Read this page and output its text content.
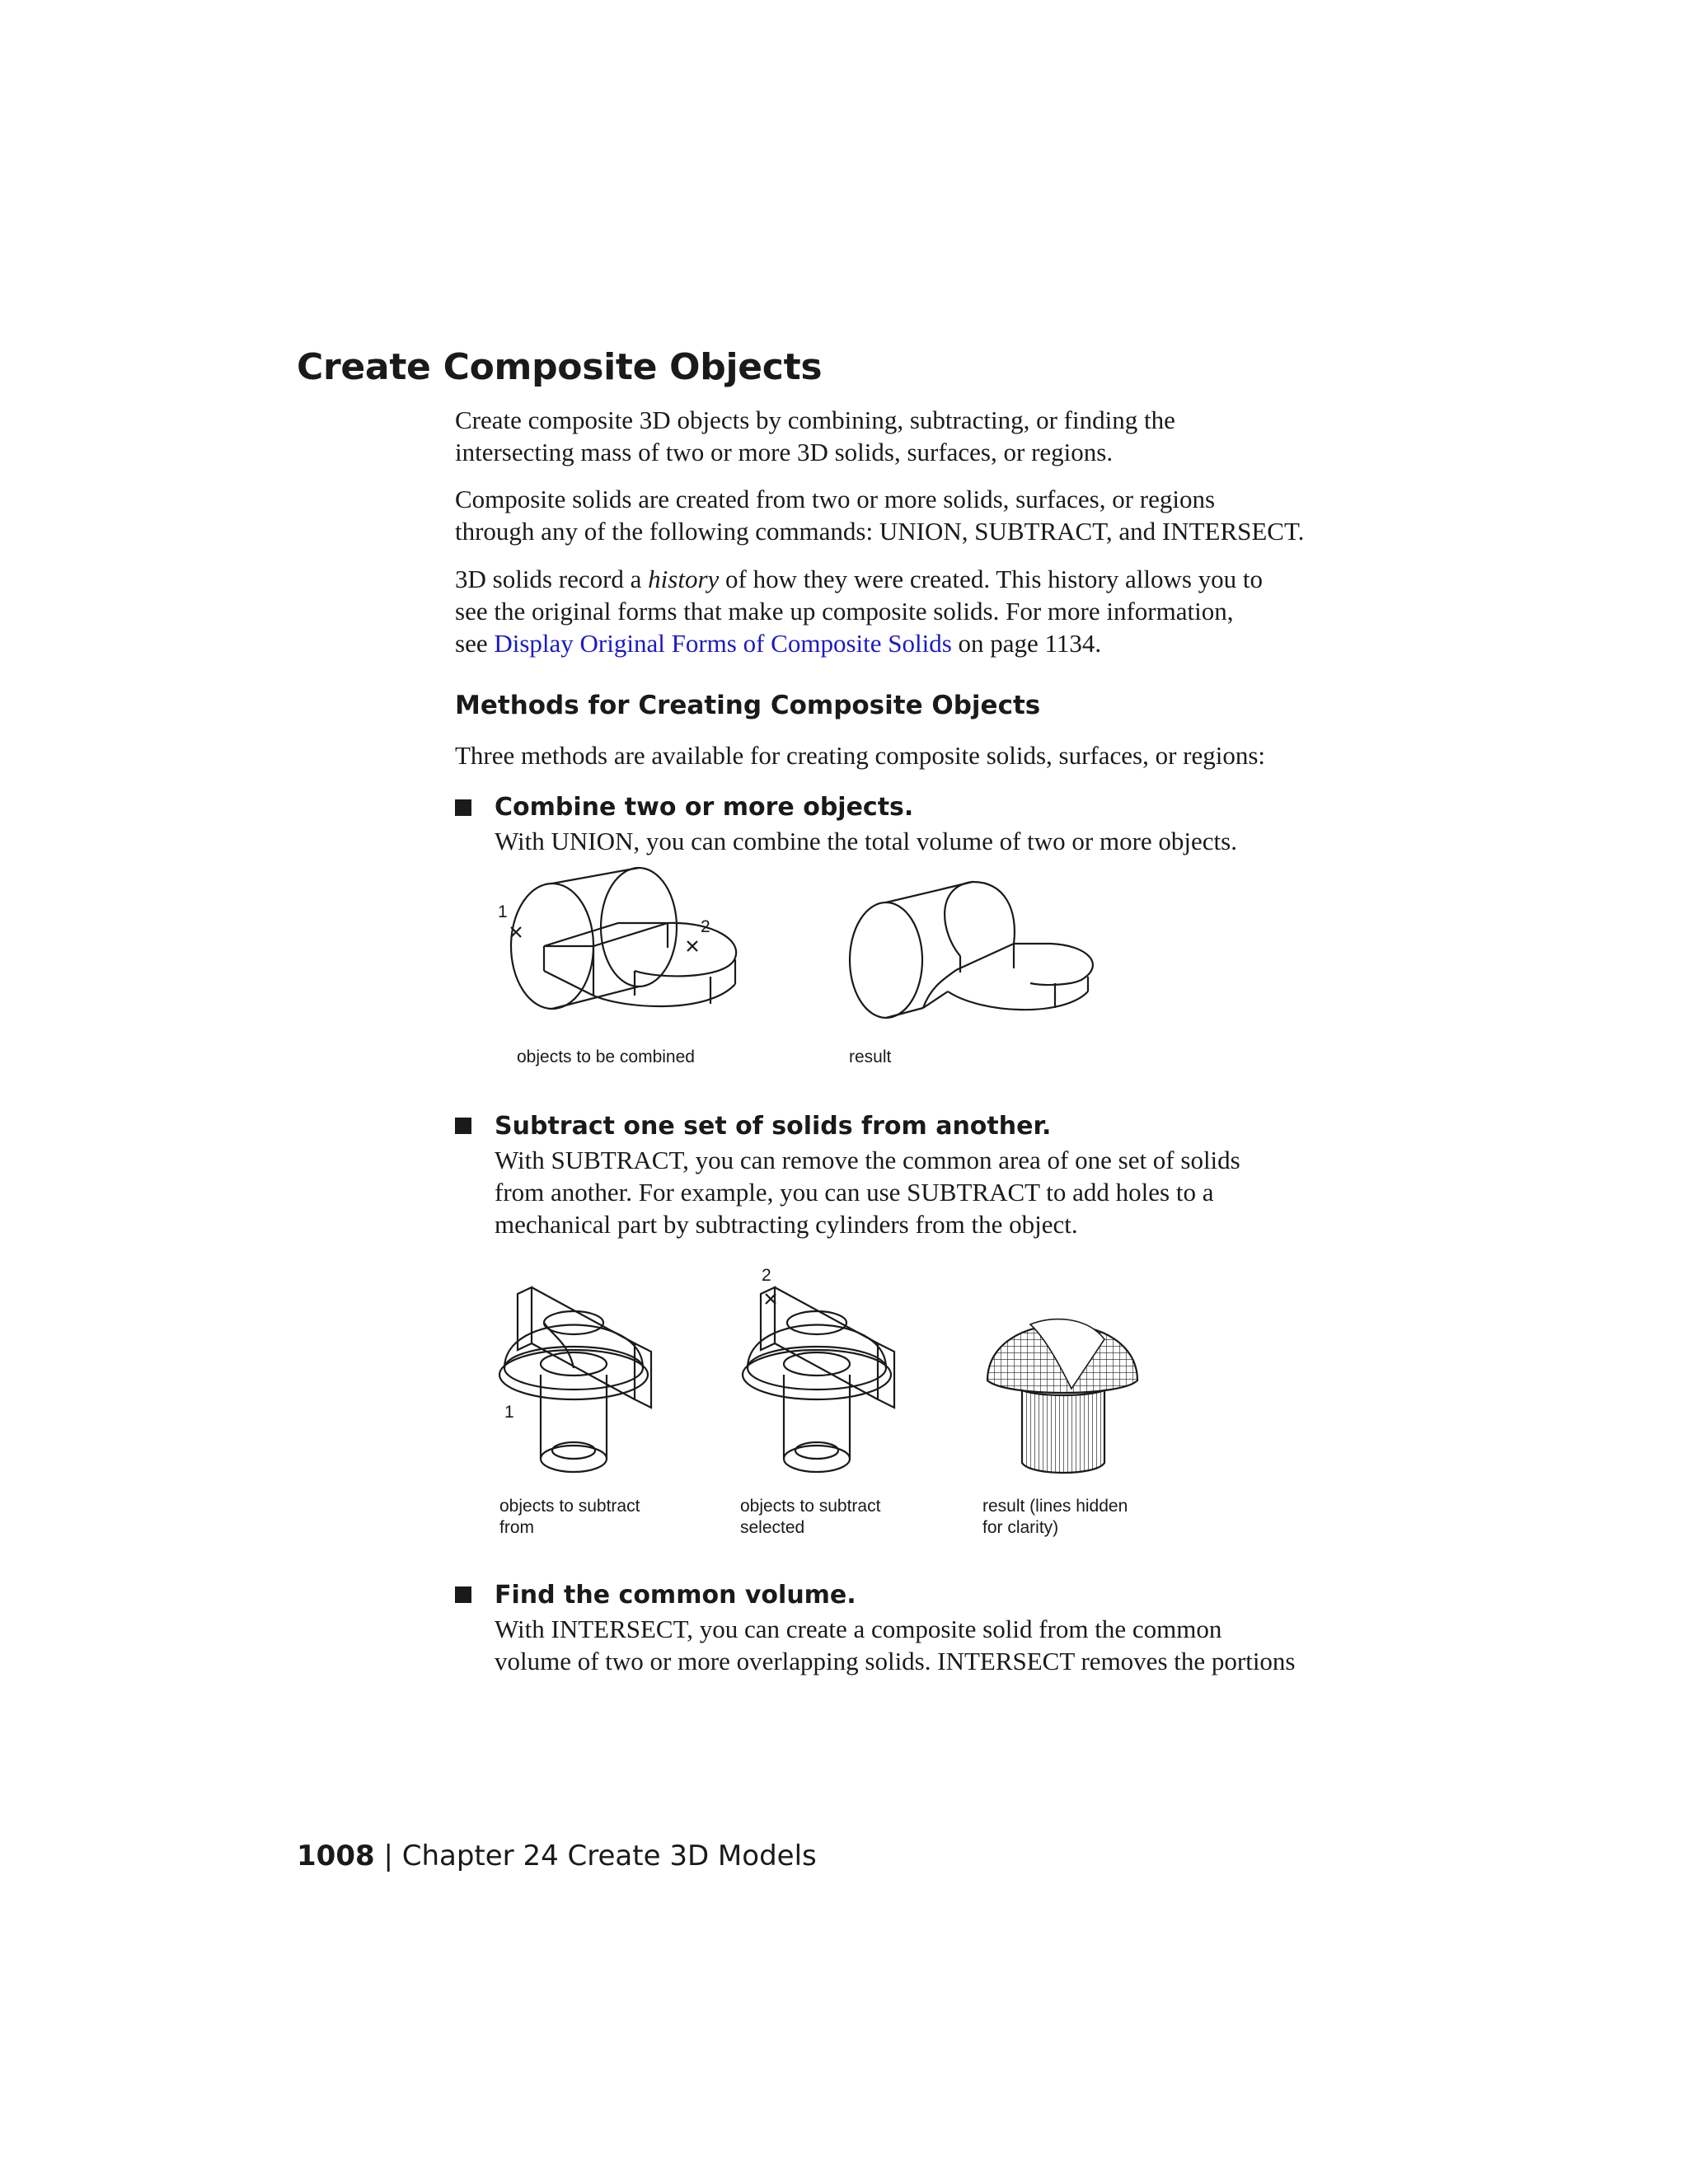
Create Composite Objects
Create composite 3D objects by combining, subtracting, or finding the
intersecting mass of two or more 3D solids, surfaces, or regions.
Composite solids are created from two or more solids, surfaces, or regions
through any of the following commands: UNION, SUBTRACT, and INTERSECT.
3D solids record a history of how they were created. This history allows you to
see the original forms that make up composite solids. For more information,
see Display Original Forms of Composite Solids on page 1134.
Methods for Creating Composite Objects
Three methods are available for creating composite solids, surfaces, or regions:
Combine two or more objects.
With UNION, you can combine the total volume of two or more objects.
1
2
objects to be combined	result
Subtract one set of solids from another.
With SUBTRACT, you can remove the common area of one set of solids
from another. For example, you can use SUBTRACT to add holes to a
mechanical part by subtracting cylinders from the object.
1
objects to subtract
from
2
objects to subtract
selected
result (lines hidden
for clarity)
Find the common volume.
With INTERSECT, you can create a composite solid from the common
volume of two or more overlapping solids. INTERSECT removes the portions
1008 | Chapter 24 Create 3D Models
